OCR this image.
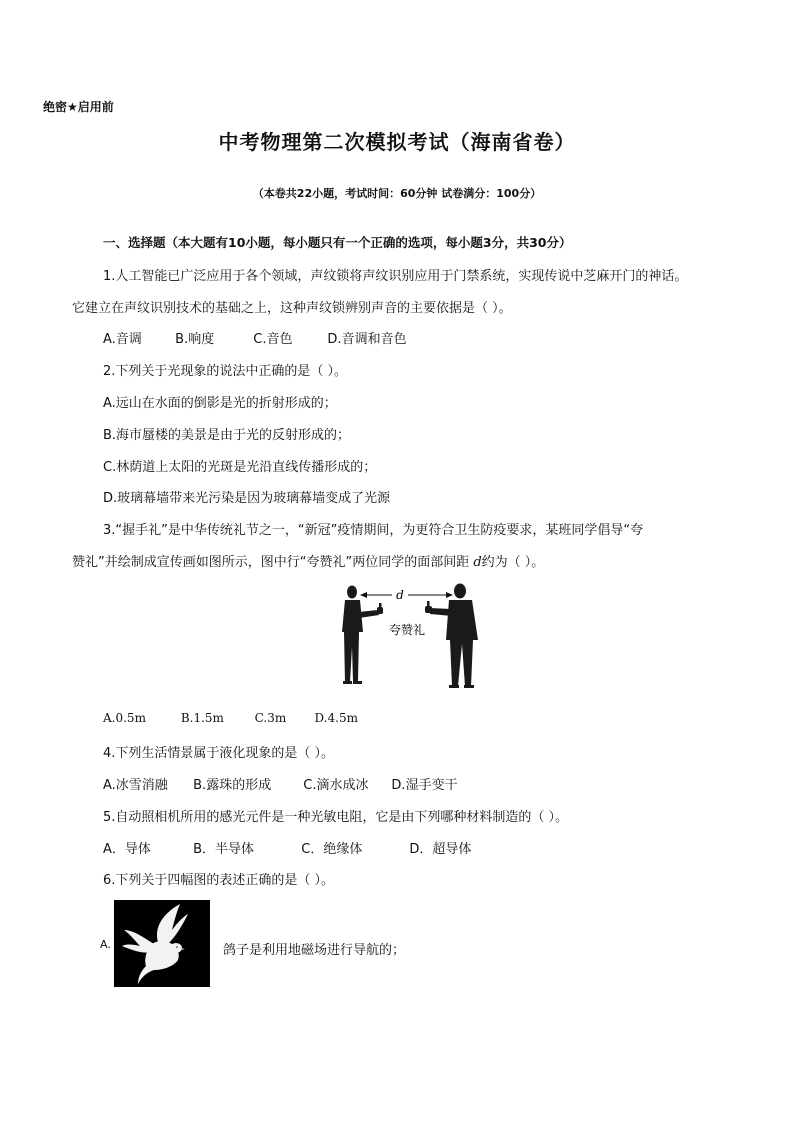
绝密★启用前
中考物理第二次模拟考试（海南省卷）
（本卷共22小题，考试时间：60分钟 试卷满分：100分）
一、选择题（本大题有10小题，每小题只有一个正确的选项，每小题3分，共30分）
1.人工智能已广泛应用于各个领域，声纹锁将声纹识别应用于门禁系统，实现传说中芝麻开门的神话。
它建立在声纹识别技术的基础之上，这种声纹锁辨别声音的主要依据是（ ）。
A.音调	B.响度	C.音色	D.音调和音色
2.下列关于光现象的说法中正确的是（ ）。
A.远山在水面的倒影是光的折射形成的；
B.海市蜃楼的美景是由于光的反射形成的；
C.林荫道上太阳的光斑是光沿直线传播形成的；
D.玻璃幕墙带来光污染是因为玻璃幕墙变成了光源
3.“握手礼”是中华传统礼节之一，“新冠”疫情期间，为更符合卫生防疫要求，某班同学倡导“夸
赞礼”并绘制成宣传画如图所示，图中行“夸赞礼”两位同学的面部间距 d约为（ ）。
d
夸赞礼
A.0.5m	B.1.5m	C.3m D.4.5m
4.下列生活情景属于液化现象的是（ ）。
A.冰雪消融 B.露珠的形成 C.滴水成冰 D.湿手变干
5.自动照相机所用的感光元件是一种光敏电阻，它是由下列哪种材料制造的（ ）。
A．导体	B．半导体	C．绝缘体	D．超导体
6.下列关于四幅图的表述正确的是（ ）。
A.	鸽子是利用地磁场进行导航的；
